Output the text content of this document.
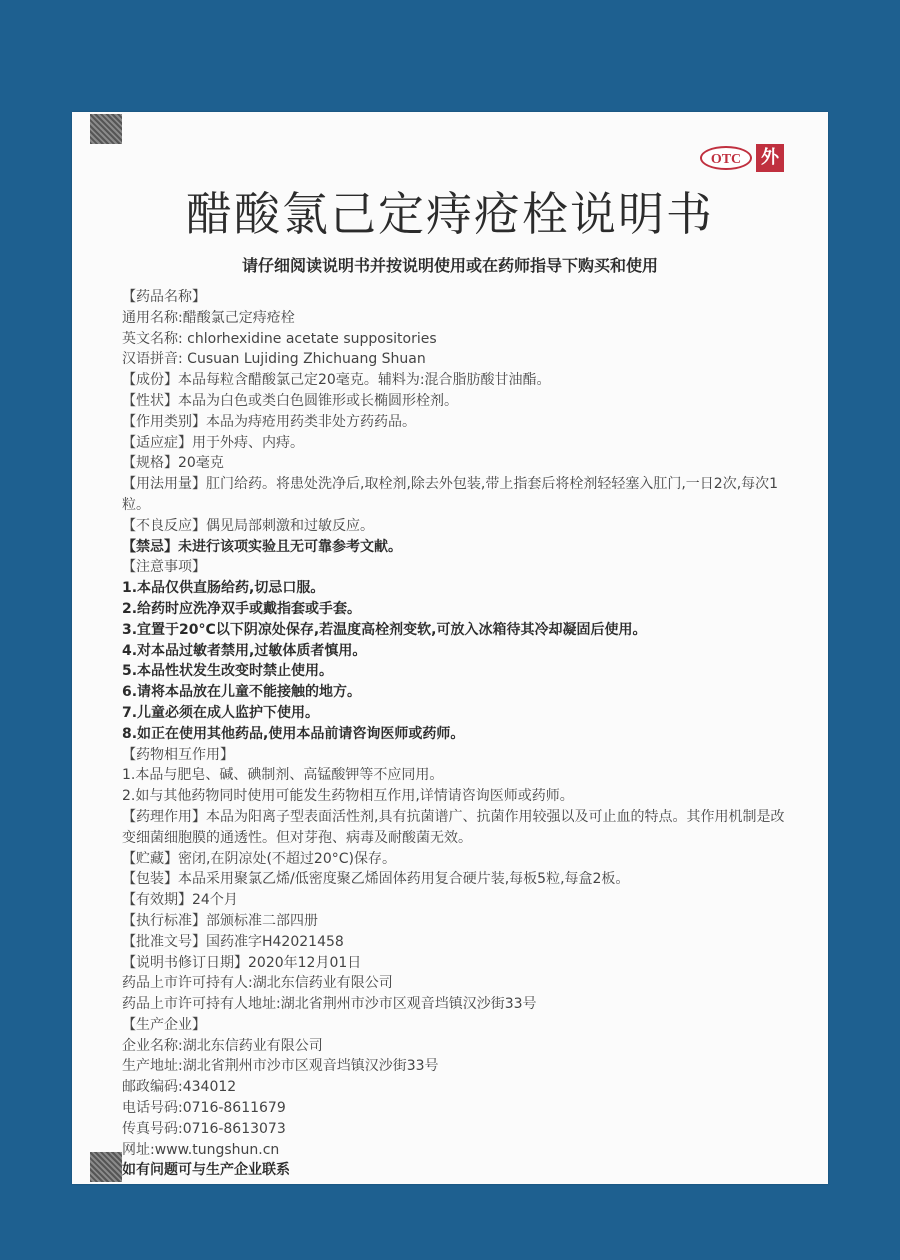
OTC	外
醋酸氯己定痔疮栓说明书
请仔细阅读说明书并按说明使用或在药师指导下购买和使用
【药品名称】
通用名称:醋酸氯己定痔疮栓
英文名称: chlorhexidine acetate suppositories
汉语拼音: Cusuan Lujiding Zhichuang Shuan
【成份】本品每粒含醋酸氯己定20毫克。辅料为:混合脂肪酸甘油酯。
【性状】本品为白色或类白色圆锥形或长椭圆形栓剂。
【作用类别】本品为痔疮用药类非处方药药品。
【适应症】用于外痔、内痔。
【规格】20毫克
【用法用量】肛门给药。将患处洗净后,取栓剂,除去外包装,带上指套后将栓剂轻轻塞入肛门,一日2次,每次1粒。
【不良反应】偶见局部刺激和过敏反应。
【禁忌】未进行该项实验且无可靠参考文献。
【注意事项】
1.本品仅供直肠给药,切忌口服。
2.给药时应洗净双手或戴指套或手套。
3.宜置于20°C以下阴凉处保存,若温度高栓剂变软,可放入冰箱待其冷却凝固后使用。
4.对本品过敏者禁用,过敏体质者慎用。
5.本品性状发生改变时禁止使用。
6.请将本品放在儿童不能接触的地方。
7.儿童必须在成人监护下使用。
8.如正在使用其他药品,使用本品前请咨询医师或药师。
【药物相互作用】
1.本品与肥皂、碱、碘制剂、高锰酸钾等不应同用。
2.如与其他药物同时使用可能发生药物相互作用,详情请咨询医师或药师。
【药理作用】本品为阳离子型表面活性剂,具有抗菌谱广、抗菌作用较强以及可止血的特点。其作用机制是改变细菌细胞膜的通透性。但对芽孢、病毒及耐酸菌无效。
【贮藏】密闭,在阴凉处(不超过20°C)保存。
【包装】本品采用聚氯乙烯/低密度聚乙烯固体药用复合硬片装,每板5粒,每盒2板。
【有效期】24个月
【执行标准】部颁标准二部四册
【批准文号】国药准字H42021458
【说明书修订日期】2020年12月01日
药品上市许可持有人:湖北东信药业有限公司
药品上市许可持有人地址:湖北省荆州市沙市区观音垱镇汉沙街33号
【生产企业】
企业名称:湖北东信药业有限公司
生产地址:湖北省荆州市沙市区观音垱镇汉沙街33号
邮政编码:434012
电话号码:0716-8611679
传真号码:0716-8613073
网址:www.tungshun.cn
如有问题可与生产企业联系
